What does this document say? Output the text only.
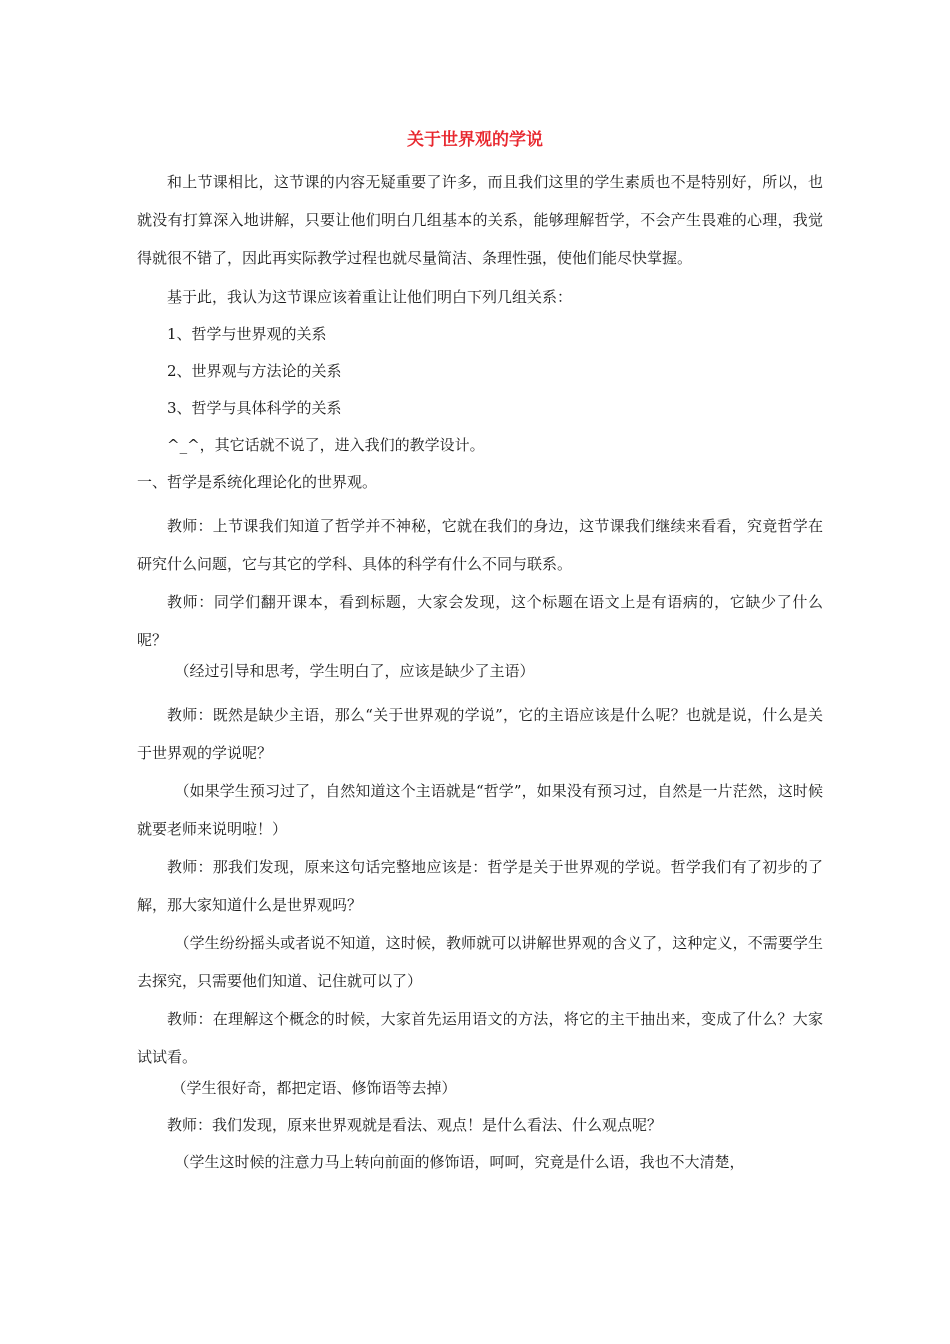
关于世界观的学说

和上节课相比，这节课的内容无疑重要了许多，而且我们这里的学生素质也不是特别好，所以，也就没有打算深入地讲解，只要让他们明白几组基本的关系，能够理解哲学，不会产生畏难的心理，我觉得就很不错了，因此再实际教学过程也就尽量简洁、条理性强，使他们能尽快掌握。

基于此，我认为这节课应该着重让让他们明白下列几组关系：

1、哲学与世界观的关系

2、世界观与方法论的关系

3、哲学与具体科学的关系

^_^，其它话就不说了，进入我们的教学设计。

一、哲学是系统化理论化的世界观。

教师：上节课我们知道了哲学并不神秘，它就在我们的身边，这节课我们继续来看看，究竟哲学在研究什么问题，它与其它的学科、具体的科学有什么不同与联系。

教师：同学们翻开课本，看到标题，大家会发现，这个标题在语文上是有语病的，它缺少了什么呢？

（经过引导和思考，学生明白了，应该是缺少了主语）

教师：既然是缺少主语，那么“关于世界观的学说”，它的主语应该是什么呢？也就是说，什么是关于世界观的学说呢？

（如果学生预习过了，自然知道这个主语就是“哲学”，如果没有预习过，自然是一片茫然，这时候就要老师来说明啦！）

教师：那我们发现，原来这句话完整地应该是：哲学是关于世界观的学说。哲学我们有了初步的了解，那大家知道什么是世界观吗？

（学生纷纷摇头或者说不知道，这时候，教师就可以讲解世界观的含义了，这种定义，不需要学生去探究，只需要他们知道、记住就可以了）

教师：在理解这个概念的时候，大家首先运用语文的方法，将它的主干抽出来，变成了什么？大家试试看。

（学生很好奇，都把定语、修饰语等去掉）

教师：我们发现，原来世界观就是看法、观点！是什么看法、什么观点呢？

（学生这时候的注意力马上转向前面的修饰语，呵呵，究竟是什么语，我也不大清楚，
